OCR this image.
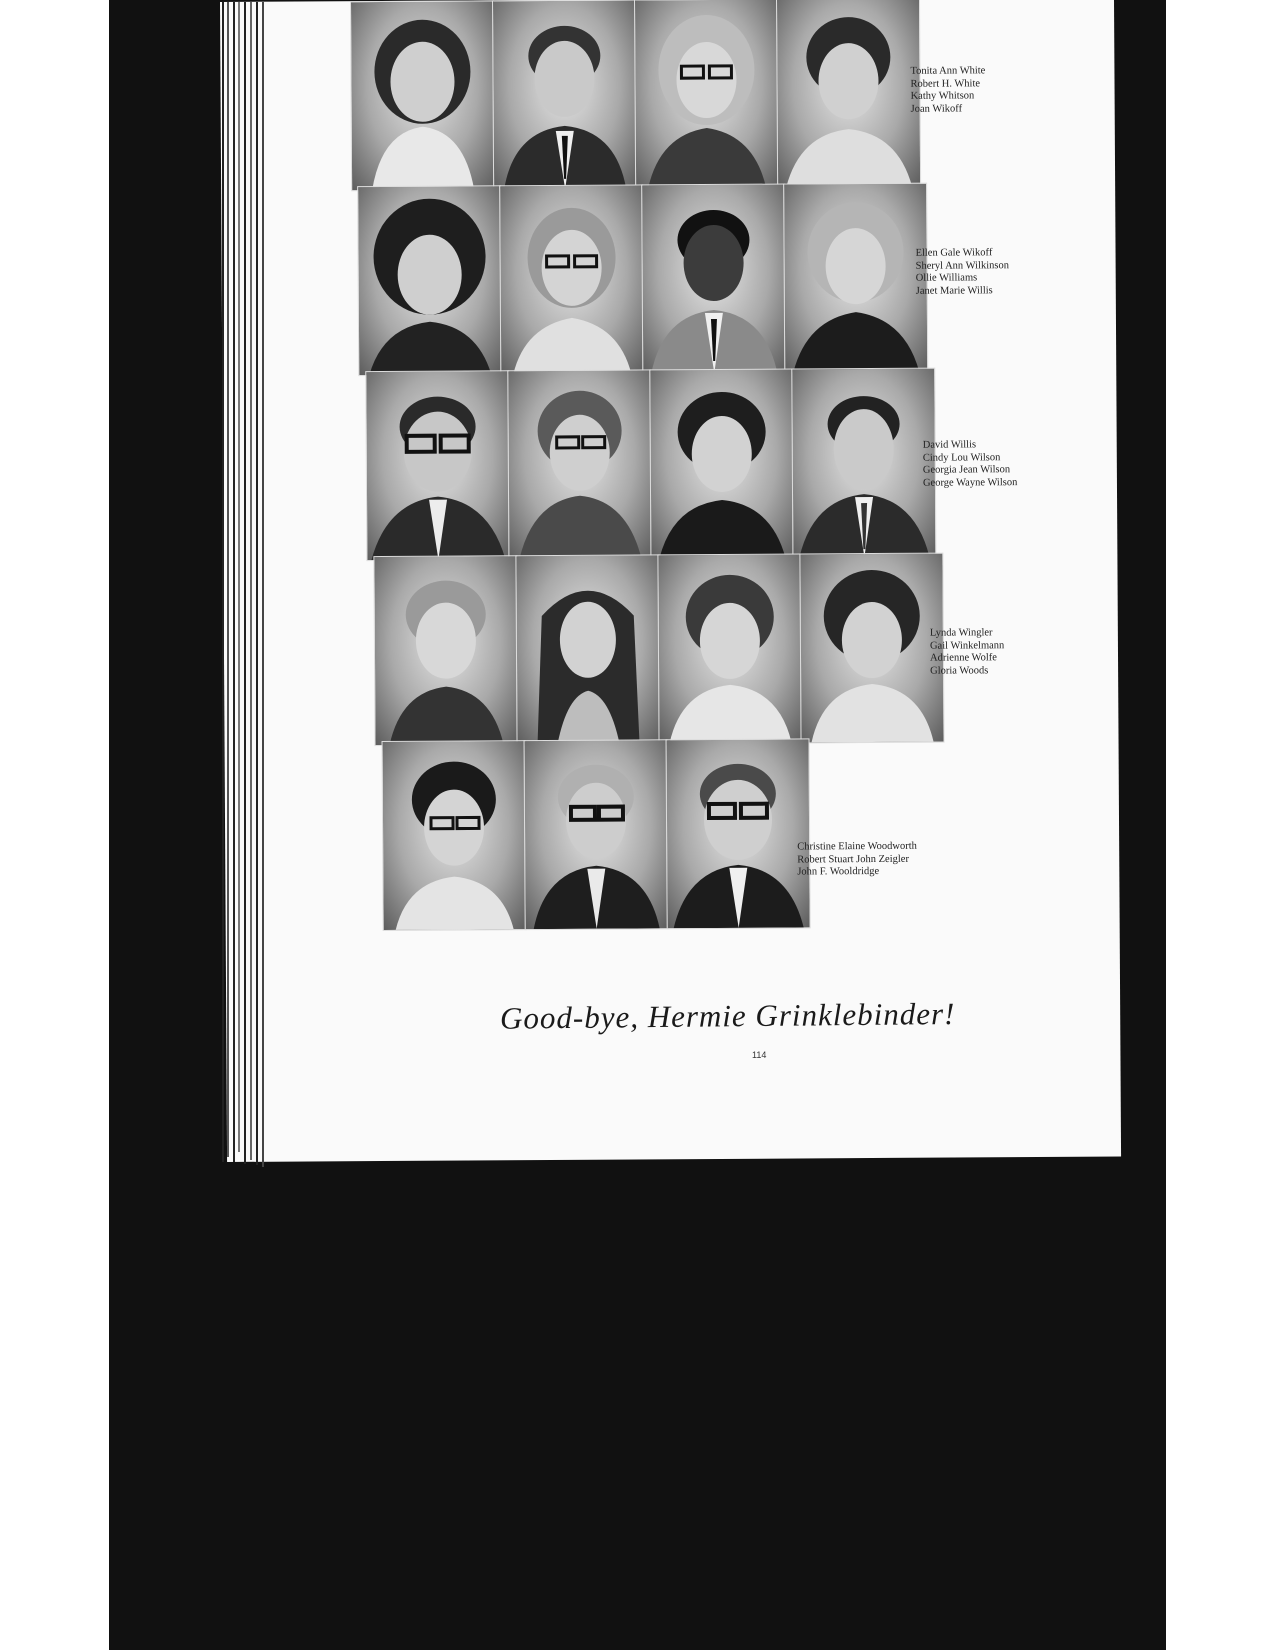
Tonita Ann White
Robert H. White
Kathy Whitson
Joan Wikoff
Ellen Gale Wikoff
Sheryl Ann Wilkinson
Ollie Williams
Janet Marie Willis
David Willis
Cindy Lou Wilson
Georgia Jean Wilson
George Wayne Wilson
Lynda Wingler
Gail Winkelmann
Adrienne Wolfe
Gloria Woods
Christine Elaine Woodworth
Robert Stuart John Zeigler
John F. Wooldridge
Good-bye, Hermie Grinklebinder!
114
